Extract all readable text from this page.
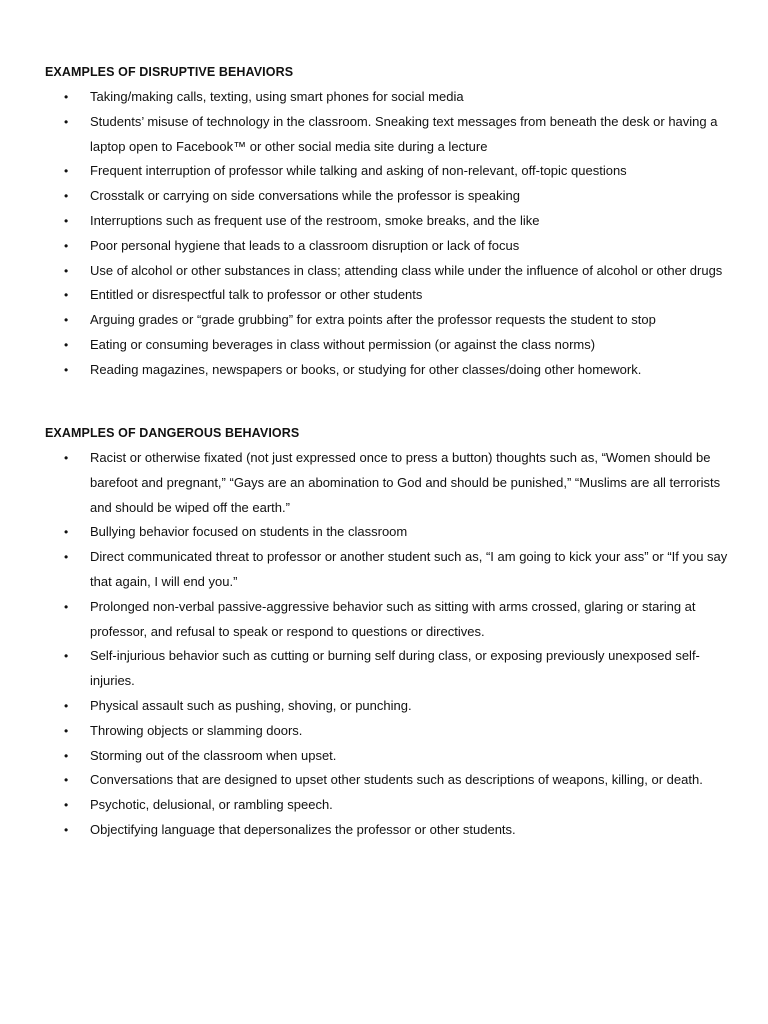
EXAMPLES OF DISRUPTIVE BEHAVIORS
• Taking/making calls, texting, using smart phones for social media
• Students’ misuse of technology in the classroom. Sneaking text messages from beneath the desk or having a laptop open to Facebook™ or other social media site during a lecture
• Frequent interruption of professor while talking and asking of non-relevant, off-topic questions
• Crosstalk or carrying on side conversations while the professor is speaking
• Interruptions such as frequent use of the restroom, smoke breaks, and the like
• Poor personal hygiene that leads to a classroom disruption or lack of focus
• Use of alcohol or other substances in class; attending class while under the influence of alcohol or other drugs
• Entitled or disrespectful talk to professor or other students
• Arguing grades or “grade grubbing” for extra points after the professor requests the student to stop
• Eating or consuming beverages in class without permission (or against the class norms)
• Reading magazines, newspapers or books, or studying for other classes/doing other homework.
EXAMPLES OF DANGEROUS BEHAVIORS
• Racist or otherwise fixated (not just expressed once to press a button) thoughts such as, “Women should be barefoot and pregnant,” “Gays are an abomination to God and should be punished,” “Muslims are all terrorists and should be wiped off the earth.”
• Bullying behavior focused on students in the classroom
• Direct communicated threat to professor or another student such as, “I am going to kick your ass” or “If you say that again, I will end you.”
• Prolonged non-verbal passive-aggressive behavior such as sitting with arms crossed, glaring or staring at professor, and refusal to speak or respond to questions or directives.
• Self-injurious behavior such as cutting or burning self during class, or exposing previously unexposed self-injuries.
• Physical assault such as pushing, shoving, or punching.
• Throwing objects or slamming doors.
• Storming out of the classroom when upset.
• Conversations that are designed to upset other students such as descriptions of weapons, killing, or death.
• Psychotic, delusional, or rambling speech.
• Objectifying language that depersonalizes the professor or other students.
